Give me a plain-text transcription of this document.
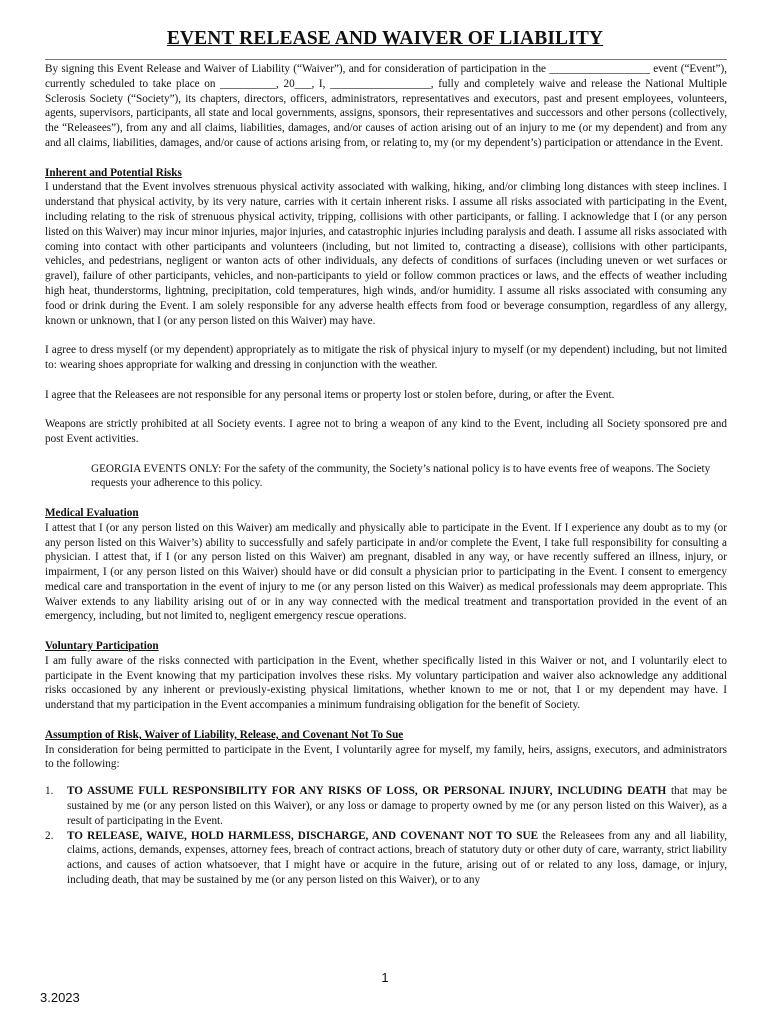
EVENT RELEASE AND WAIVER OF LIABILITY

By signing this Event Release and Waiver of Liability (“Waiver”), and for consideration of participation in the __________________ event (“Event”), currently scheduled to take place on __________, 20___, I, __________________, fully and completely waive and release the National Multiple Sclerosis Society (“Society”), its chapters, directors, officers, administrators, representatives and executors, past and present employees, volunteers, agents, supervisors, participants, all state and local governments, assigns, sponsors, their representatives and successors and other persons (collectively, the “Releasees”), from any and all claims, liabilities, damages, and/or causes of action arising out of an injury to me (or my dependent) and from any and all claims, liabilities, damages, and/or cause of actions arising from, or relating to, my (or my dependent’s) participation or attendance in the Event.

Inherent and Potential Risks

I understand that the Event involves strenuous physical activity associated with walking, hiking, and/or climbing long distances with steep inclines. I understand that physical activity, by its very nature, carries with it certain inherent risks. I assume all risks associated with participating in the Event, including relating to the risk of strenuous physical activity, tripping, collisions with other participants, or falling. I acknowledge that I (or any person listed on this Waiver) may incur minor injuries, major injuries, and catastrophic injuries including paralysis and death. I assume all risks associated with coming into contact with other participants and volunteers (including, but not limited to, contracting a disease), collisions with other participants, vehicles, and pedestrians, negligent or wanton acts of other individuals, any defects of conditions of surfaces (including uneven or wet surfaces or gravel), failure of other participants, vehicles, and non-participants to yield or follow common practices or laws, and the effects of weather including high heat, thunderstorms, lightning, precipitation, cold temperatures, high winds, and/or humidity. I assume all risks associated with consuming any food or drink during the Event. I am solely responsible for any adverse health effects from food or beverage consumption, regardless of any allergy, known or unknown, that I (or any person listed on this Waiver) may have.

I agree to dress myself (or my dependent) appropriately as to mitigate the risk of physical injury to myself (or my dependent) including, but not limited to: wearing shoes appropriate for walking and dressing in conjunction with the weather.

I agree that the Releasees are not responsible for any personal items or property lost or stolen before, during, or after the Event.

Weapons are strictly prohibited at all Society events. I agree not to bring a weapon of any kind to the Event, including all Society sponsored pre and post Event activities.

GEORGIA EVENTS ONLY: For the safety of the community, the Society’s national policy is to have events free of weapons. The Society requests your adherence to this policy.

Medical Evaluation

I attest that I (or any person listed on this Waiver) am medically and physically able to participate in the Event. If I experience any doubt as to my (or any person listed on this Waiver’s) ability to successfully and safely participate in and/or complete the Event, I take full responsibility for consulting a physician. I attest that, if I (or any person listed on this Waiver) am pregnant, disabled in any way, or have recently suffered an illness, injury, or impairment, I (or any person listed on this Waiver) should have or did consult a physician prior to participating in the Event. I consent to emergency medical care and transportation in the event of injury to me (or any person listed on this Waiver) as medical professionals may deem appropriate. This Waiver extends to any liability arising out of or in any way connected with the medical treatment and transportation provided in the event of an emergency, including, but not limited to, negligent emergency rescue operations.

Voluntary Participation

I am fully aware of the risks connected with participation in the Event, whether specifically listed in this Waiver or not, and I voluntarily elect to participate in the Event knowing that my participation involves these risks. My voluntary participation and waiver also acknowledge any additional risks occasioned by any inherent or previously-existing physical limitations, whether known to me or not, that I or my dependent may have. I understand that my participation in the Event accompanies a minimum fundraising obligation for the benefit of Society.

Assumption of Risk, Waiver of Liability, Release, and Covenant Not To Sue

In consideration for being permitted to participate in the Event, I voluntarily agree for myself, my family, heirs, assigns, executors, and administrators to the following:

1. TO ASSUME FULL RESPONSIBILITY FOR ANY RISKS OF LOSS, OR PERSONAL INJURY, INCLUDING DEATH that may be sustained by me (or any person listed on this Waiver), or any loss or damage to property owned by me (or any person listed on this Waiver), as a result of participating in the Event.
2. TO RELEASE, WAIVE, HOLD HARMLESS, DISCHARGE, AND COVENANT NOT TO SUE the Releasees from any and all liability, claims, actions, demands, expenses, attorney fees, breach of contract actions, breach of statutory duty or other duty of care, warranty, strict liability actions, and causes of action whatsoever, that I might have or acquire in the future, arising out of or related to any loss, damage, or injury, including death, that may be sustained by me (or any person listed on this Waiver), or to any
1
3.2023
